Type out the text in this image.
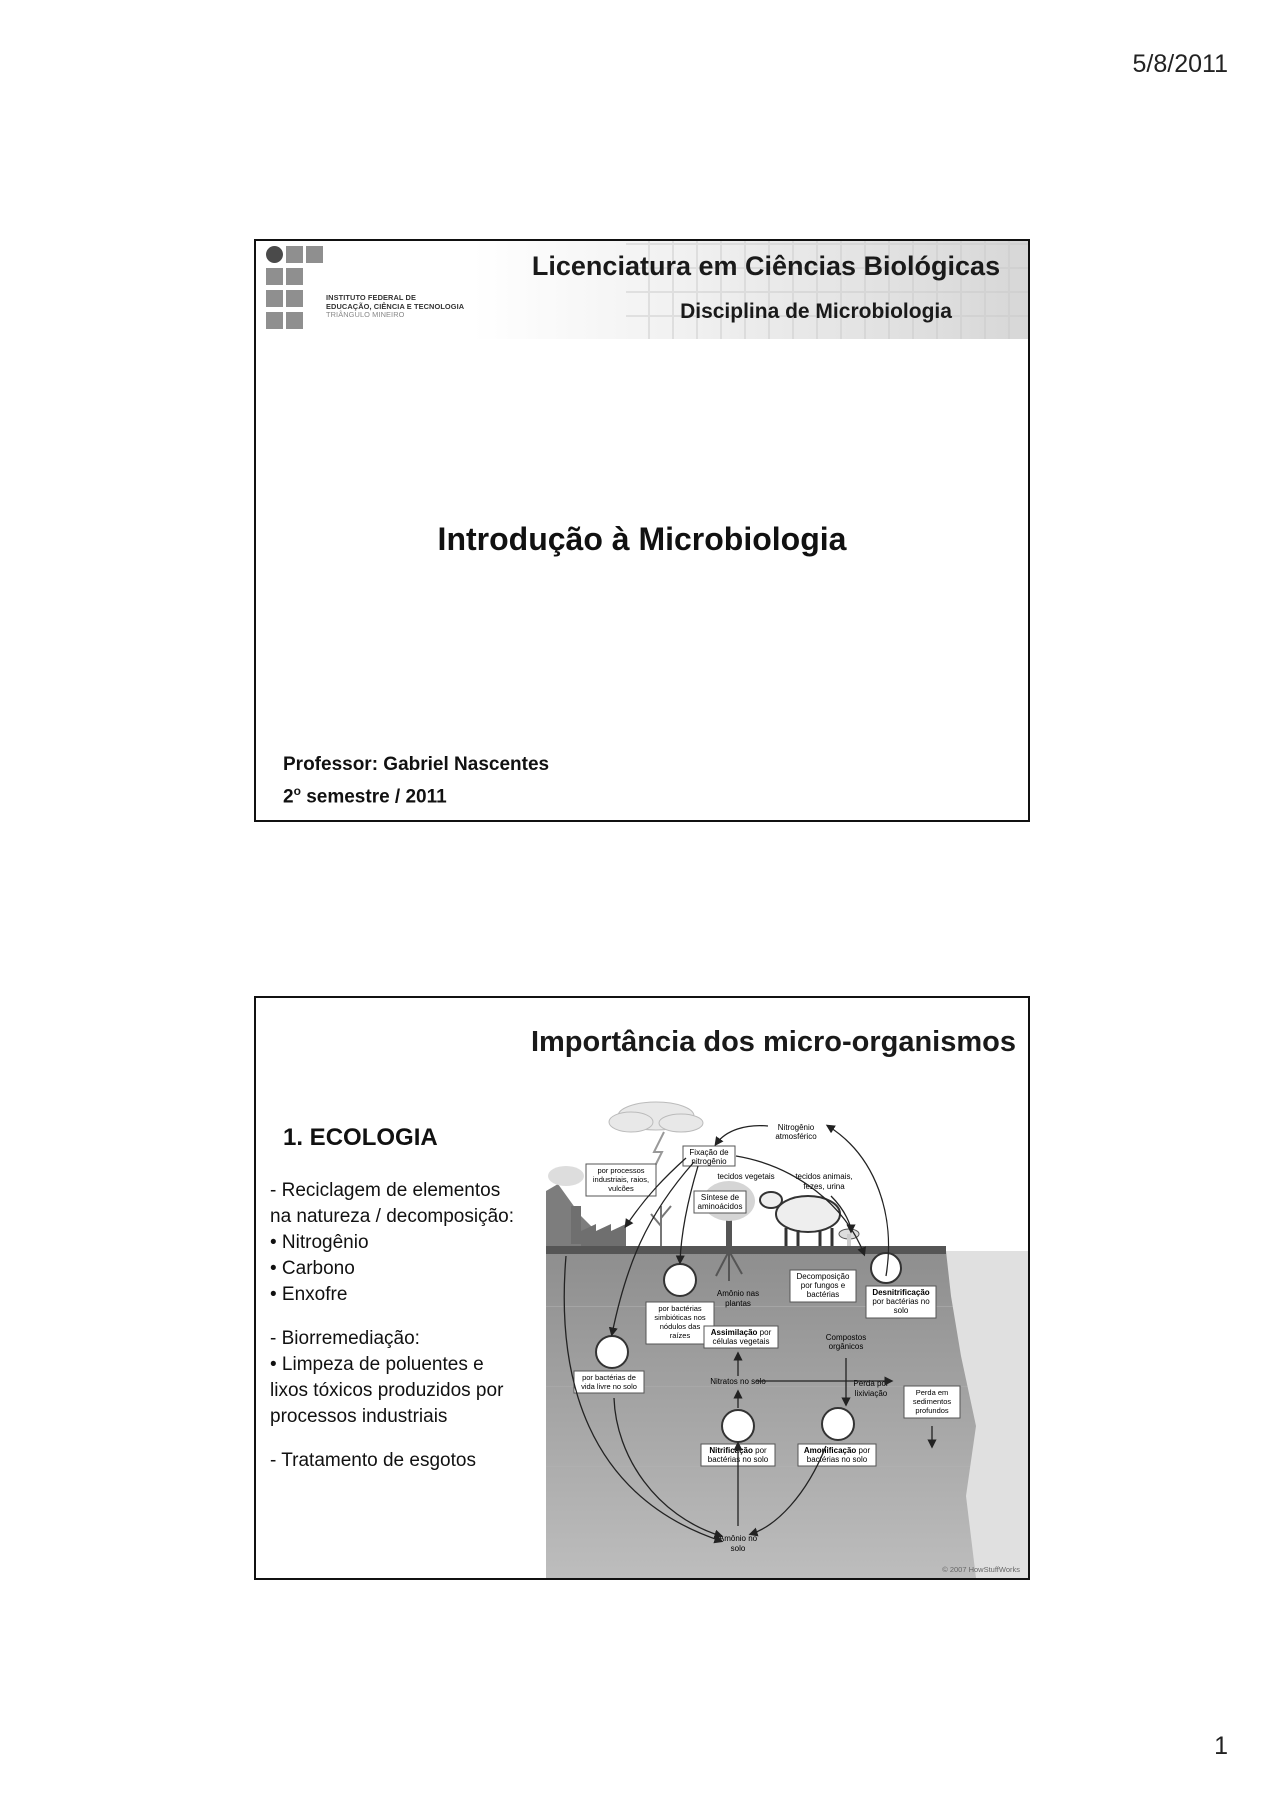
5/8/2011
INSTITUTO FEDERAL DE
EDUCAÇÃO, CIÊNCIA E TECNOLOGIA
TRIÂNGULO MINEIRO
Licenciatura em Ciências Biológicas
Disciplina de Microbiologia
Introdução à Microbiologia
Professor: Gabriel Nascentes
2$^o$ semestre / 2011
Importância dos micro-organismos
1. ECOLOGIA
- Reciclagem de elementos
na natureza / decomposição:
• Nitrogênio
• Carbono
• Enxofre
- Biorremediação:
• Limpeza de poluentes e
lixos tóxicos produzidos por
processos industriais
- Tratamento de esgotos
Nitrogênio atmosférico
Fixação de nitrogênio
por processos industriais, raios, vulcões
tecidos vegetais	tecidos animais, fezes, urina
Síntese de aminoácidos
Amônio nas plantas
Decomposição por fungos e bactérias	Desnitrificação por bactérias no solo
por bactérias simbióticas nos nódulos das raízes	Assimilação por células vegetais	Compostos orgânicos
por bactérias de vida livre no solo
Nitratos no solo	Perda por lixiviação	Perda em sedimentos profundos
Nitrificação por bactérias no solo
Amonificação por bactérias no solo
Amônio no solo
© 2007 HowStuffWorks
1
